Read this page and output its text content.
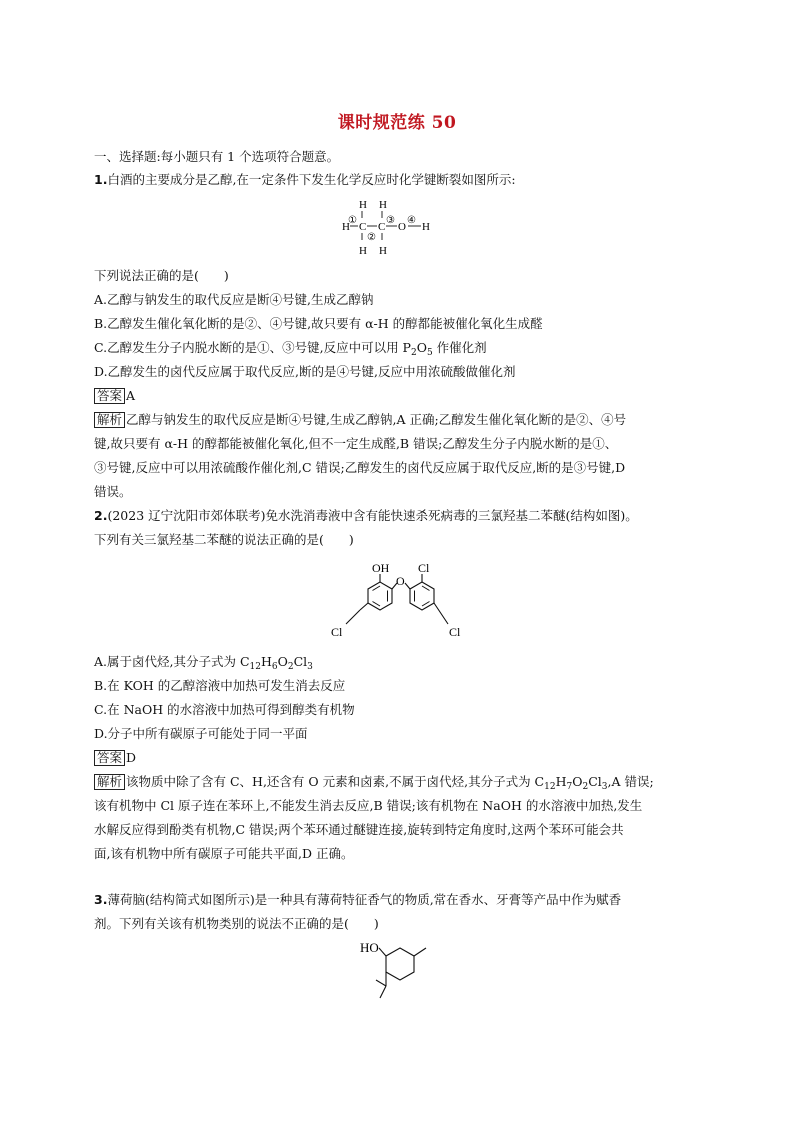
课时规范练 50
一、选择题:每小题只有 1 个选项符合题意。
1.白酒的主要成分是乙醇,在一定条件下发生化学反应时化学键断裂如图所示:
H H
H C C O H
①	③ ④
②
H H
下列说法正确的是(　　)
A.乙醇与钠发生的取代反应是断④号键,生成乙醇钠
B.乙醇发生催化氧化断的是②、④号键,故只要有 α-H 的醇都能被催化氧化生成醛
C.乙醇发生分子内脱水断的是①、③号键,反应中可以用 $P_2O_5$ 作催化剂
D.乙醇发生的卤代反应属于取代反应,断的是④号键,反应中用浓硫酸做催化剂
答案 A
解析 乙醇与钠发生的取代反应是断④号键,生成乙醇钠,A 正确;乙醇发生催化氧化断的是②、④号
键,故只要有 α-H 的醇都能被催化氧化,但不一定生成醛,B 错误;乙醇发生分子内脱水断的是①、
③号键,反应中可以用浓硫酸作催化剂,C 错误;乙醇发生的卤代反应属于取代反应,断的是③号键,D
错误。
2.(2023 辽宁沈阳市郊体联考)免水洗消毒液中含有能快速杀死病毒的三氯羟基二苯醚(结构如图)。
下列有关三氯羟基二苯醚的说法正确的是(　　)
O
OH Cl
Cl	Cl
A.属于卤代烃,其分子式为 $C_{12}H_6O_2Cl_3$
B.在 KOH 的乙醇溶液中加热可发生消去反应
C.在 NaOH 的水溶液中加热可得到醇类有机物
D.分子中所有碳原子可能处于同一平面
答案 D
解析 该物质中除了含有 C、H,还含有 O 元素和卤素,不属于卤代烃,其分子式为 $C_{12}H_7O_2Cl_3,A$ 错误;
该有机物中 Cl 原子连在苯环上,不能发生消去反应,B 错误;该有机物在 NaOH 的水溶液中加热,发生
水解反应得到酚类有机物,C 错误;两个苯环通过醚键连接,旋转到特定角度时,这两个苯环可能会共
面,该有机物中所有碳原子可能共平面,D 正确。
3.薄荷脑(结构简式如图所示)是一种具有薄荷特征香气的物质,常在香水、牙膏等产品中作为赋香
剂。下列有关该有机物类别的说法不正确的是(　　)
HO
